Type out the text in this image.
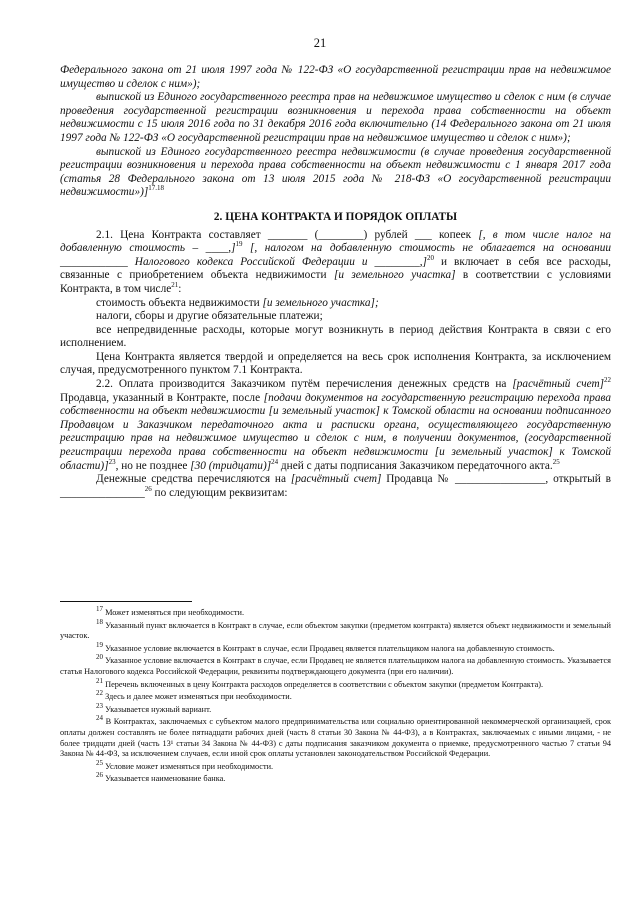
21

Федерального закона от 21 июля 1997 года № 122-ФЗ «О государственной регистрации прав на недвижимое имущество и сделок с ним»);

выпиской из Единого государственного реестра прав на недвижимое имущество и сделок с ним (в случае проведения государственной регистрации возникновения и перехода права собственности на объект недвижимости с 15 июля 2016 года по 31 декабря 2016 года включительно (14 Федерального закона от 21 июля 1997 года № 122-ФЗ «О государственной регистрации прав на недвижимое имущество и сделок с ним»);

выпиской из Единого государственного реестра недвижимости (в случае проведения государственной регистрации возникновения и перехода права собственности на объект недвижимости с 1 января 2017 года (статья 28 Федерального закона от 13 июля 2015 года № 218-ФЗ «О государственной регистрации недвижимости»)]$^{17.18}$

2. ЦЕНА КОНТРАКТА И ПОРЯДОК ОПЛАТЫ

2.1. Цена Контракта составляет _______ (________) рублей ___ копеек [, в том числе налог на добавленную стоимость – ____,]$^{19}$ [, налогом на добавленную стоимость не облагается на основании ____________ Налогового кодекса Российской Федерации и ________,]$^{20}$ и включает в себя все расходы, связанные с приобретением объекта недвижимости [и земельного участка] в соответствии с условиями Контракта, в том числе$^{21}$:

стоимость объекта недвижимости [и земельного участка];

налоги, сборы и другие обязательные платежи;

все непредвиденные расходы, которые могут возникнуть в период действия Контракта в связи с его исполнением.

Цена Контракта является твердой и определяется на весь срок исполнения Контракта, за исключением случая, предусмотренного пунктом 7.1 Контракта.

2.2. Оплата производится Заказчиком путём перечисления денежных средств на [расчётный счет]$^{22}$ Продавца, указанный в Контракте, после [подачи документов на государственную регистрацию перехода права собственности на объект недвижимости [и земельный участок] к Томской области на основании подписанного Продавцом и Заказчиком передаточного акта и расписки органа, осуществляющего государственную регистрацию прав на недвижимое имущество и сделок с ним, в получении документов, (государственной регистрации перехода права собственности на объект недвижимости [и земельный участок] к Томской области)]$^{23}$, но не позднее [30 (тридцати)]$^{24}$ дней с даты подписания Заказчиком передаточного акта.$^{25}$

Денежные средства перечисляются на [расчётный счет] Продавца № ________________, открытый в _______________$^{26}$ по следующим реквизитам:

$^{17}$ Может изменяться при необходимости.

$^{18}$ Указанный пункт включается в Контракт в случае, если объектом закупки (предметом контракта) является объект недвижимости и земельный участок.

$^{19}$ Указанное условие включается в Контракт в случае, если Продавец является плательщиком налога на добавленную стоимость.

$^{20}$ Указанное условие включается в Контракт в случае, если Продавец не является плательщиком налога на добавленную стоимость. Указывается статья Налогового кодекса Российской Федерации, реквизиты подтверждающего документа (при его наличии).

$^{21}$ Перечень включенных в цену Контракта расходов определяется в соответствии с объектом закупки (предметом Контракта).

$^{22}$ Здесь и далее может изменяться при необходимости.

$^{23}$ Указывается нужный вариант.

$^{24}$ В Контрактах, заключаемых с субъектом малого предпринимательства или социально ориентированной некоммерческой организацией, срок оплаты должен составлять не более пятнадцати рабочих дней (часть 8 статьи 30 Закона № 44-ФЗ), а в Контрактах, заключаемых с иными лицами, - не более тридцати дней (часть 13¹ статьи 34 Закона № 44-ФЗ) с даты подписания заказчиком документа о приемке, предусмотренного частью 7 статьи 94 Закона № 44-ФЗ, за исключением случаев, если иной срок оплаты установлен законодательством Российской Федерации.

$^{25}$ Условие может изменяться при необходимости.

$^{26}$ Указывается наименование банка.
